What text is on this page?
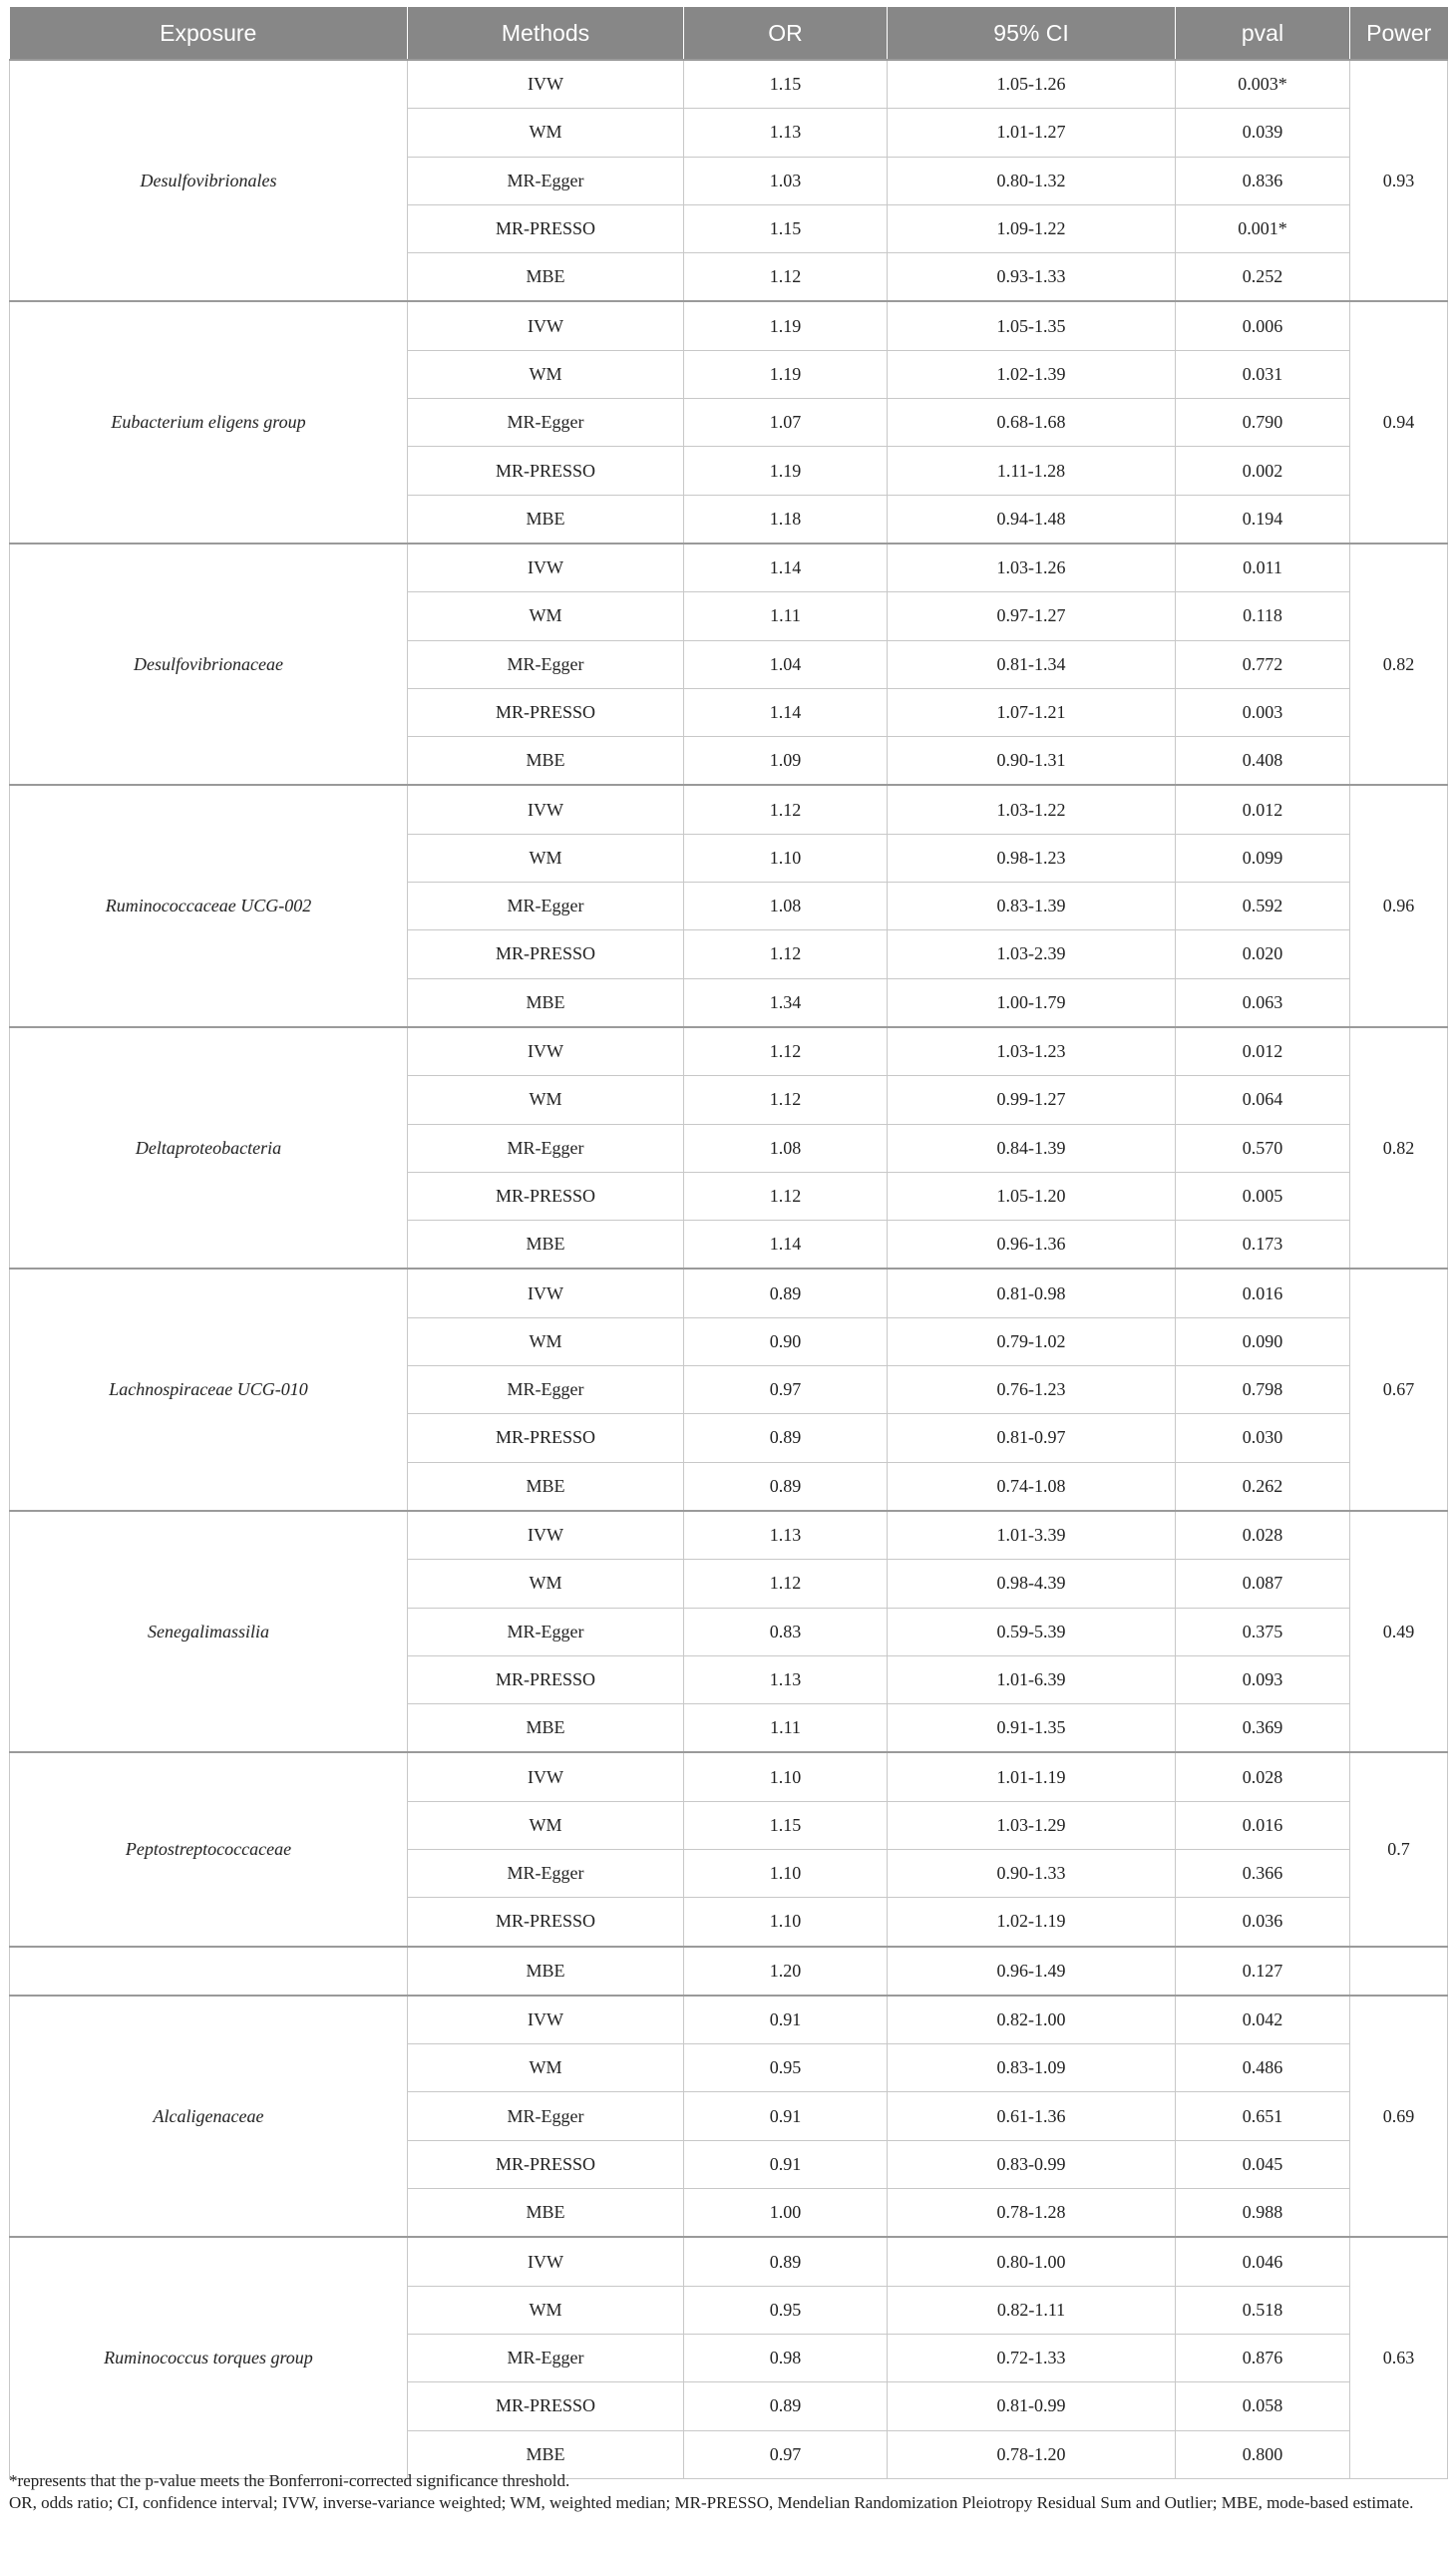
Exposure	Methods	OR	95% CI	pval	Power
Desulfovibrionales	IVW	1.15	1.05-1.26	0.003*	0.93
	WM	1.13	1.01-1.27	0.039	
	MR-Egger	1.03	0.80-1.32	0.836	
	MR-PRESSO	1.15	1.09-1.22	0.001*	
	MBE	1.12	0.93-1.33	0.252	
Eubacterium eligens group	IVW	1.19	1.05-1.35	0.006	0.94
	WM	1.19	1.02-1.39	0.031	
	MR-Egger	1.07	0.68-1.68	0.790	
	MR-PRESSO	1.19	1.11-1.28	0.002	
	MBE	1.18	0.94-1.48	0.194	
Desulfovibrionaceae	IVW	1.14	1.03-1.26	0.011	0.82
	WM	1.11	0.97-1.27	0.118	
	MR-Egger	1.04	0.81-1.34	0.772	
	MR-PRESSO	1.14	1.07-1.21	0.003	
	MBE	1.09	0.90-1.31	0.408	
Ruminococcaceae UCG-002	IVW	1.12	1.03-1.22	0.012	0.96
	WM	1.10	0.98-1.23	0.099	
	MR-Egger	1.08	0.83-1.39	0.592	
	MR-PRESSO	1.12	1.03-2.39	0.020	
	MBE	1.34	1.00-1.79	0.063	
Deltaproteobacteria	IVW	1.12	1.03-1.23	0.012	0.82
	WM	1.12	0.99-1.27	0.064	
	MR-Egger	1.08	0.84-1.39	0.570	
	MR-PRESSO	1.12	1.05-1.20	0.005	
	MBE	1.14	0.96-1.36	0.173	
Lachnospiraceae UCG-010	IVW	0.89	0.81-0.98	0.016	0.67
	WM	0.90	0.79-1.02	0.090	
	MR-Egger	0.97	0.76-1.23	0.798	
	MR-PRESSO	0.89	0.81-0.97	0.030	
	MBE	0.89	0.74-1.08	0.262	
Senegalimassilia	IVW	1.13	1.01-3.39	0.028	0.49
	WM	1.12	0.98-4.39	0.087	
	MR-Egger	0.83	0.59-5.39	0.375	
	MR-PRESSO	1.13	1.01-6.39	0.093	
	MBE	1.11	0.91-1.35	0.369	
Peptostreptococcaceae	IVW	1.10	1.01-1.19	0.028	0.7
	WM	1.15	1.03-1.29	0.016	
	MR-Egger	1.10	0.90-1.33	0.366	
	MR-PRESSO	1.10	1.02-1.19	0.036	
	MBE	1.20	0.96-1.49	0.127	
Alcaligenaceae	IVW	0.91	0.82-1.00	0.042	0.69
	WM	0.95	0.83-1.09	0.486	
	MR-Egger	0.91	0.61-1.36	0.651	
	MR-PRESSO	0.91	0.83-0.99	0.045	
	MBE	1.00	0.78-1.28	0.988	
Ruminococcus torques group	IVW	0.89	0.80-1.00	0.046	0.63
	WM	0.95	0.82-1.11	0.518	
	MR-Egger	0.98	0.72-1.33	0.876	
	MR-PRESSO	0.89	0.81-0.99	0.058	
	MBE	0.97	0.78-1.20	0.800	
*represents that the p-value meets the Bonferroni-corrected significance threshold.
OR, odds ratio; CI, confidence interval; IVW, inverse-variance weighted; WM, weighted median; MR-PRESSO, Mendelian Randomization Pleiotropy Residual Sum and Outlier; MBE, mode-based estimate.
